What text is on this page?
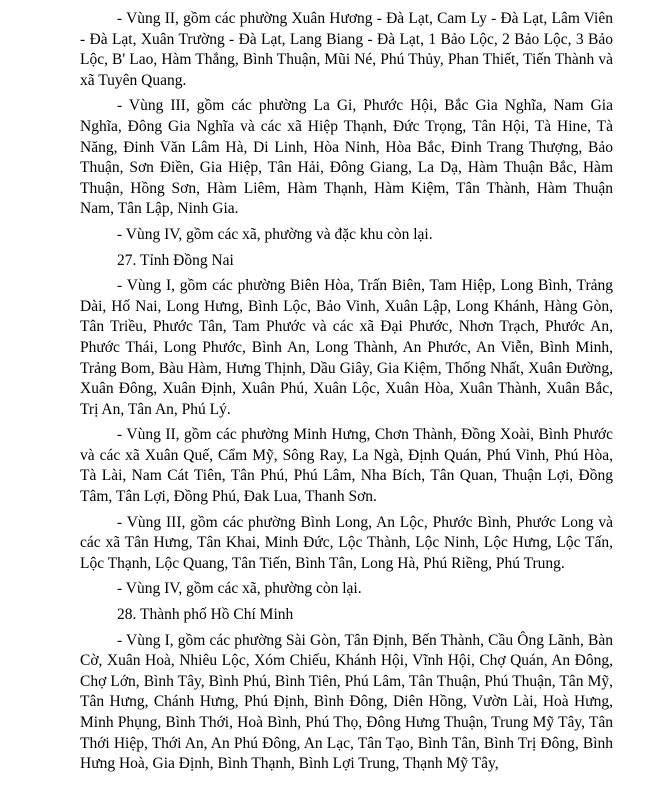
- Vùng II, gồm các phường Xuân Hương - Đà Lạt, Cam Ly - Đà Lạt, Lâm Viên - Đà Lạt, Xuân Trường - Đà Lạt, Lang Biang - Đà Lạt, 1 Bảo Lộc, 2 Bảo Lộc, 3 Bảo Lộc, B' Lao, Hàm Thắng, Bình Thuận, Mũi Né, Phú Thủy, Phan Thiết, Tiến Thành và xã Tuyên Quang.

- Vùng III, gồm các phường La Gi, Phước Hội, Bắc Gia Nghĩa, Nam Gia Nghĩa, Đông Gia Nghĩa và các xã Hiệp Thạnh, Đức Trọng, Tân Hội, Tà Hine, Tà Năng, Đinh Văn Lâm Hà, Di Linh, Hòa Ninh, Hòa Bắc, Đinh Trang Thượng, Bảo Thuận, Sơn Điền, Gia Hiệp, Tân Hải, Đông Giang, La Dạ, Hàm Thuận Bắc, Hàm Thuận, Hồng Sơn, Hàm Liêm, Hàm Thạnh, Hàm Kiệm, Tân Thành, Hàm Thuận Nam, Tân Lập, Ninh Gia.

- Vùng IV, gồm các xã, phường và đặc khu còn lại.

27. Tỉnh Đồng Nai

- Vùng I, gồm các phường Biên Hòa, Trấn Biên, Tam Hiệp, Long Bình, Trảng Dài, Hố Nai, Long Hưng, Bình Lộc, Bảo Vinh, Xuân Lập, Long Khánh, Hàng Gòn, Tân Triều, Phước Tân, Tam Phước và các xã Đại Phước, Nhơn Trạch, Phước An, Phước Thái, Long Phước, Bình An, Long Thành, An Phước, An Viễn, Bình Minh, Trảng Bom, Bàu Hàm, Hưng Thịnh, Dầu Giây, Gia Kiệm, Thống Nhất, Xuân Đường, Xuân Đông, Xuân Định, Xuân Phú, Xuân Lộc, Xuân Hòa, Xuân Thành, Xuân Bắc, Trị An, Tân An, Phú Lý.

- Vùng II, gồm các phường Minh Hưng, Chơn Thành, Đồng Xoài, Bình Phước và các xã Xuân Quế, Cẩm Mỹ, Sông Ray, La Ngà, Định Quán, Phú Vinh, Phú Hòa, Tà Lài, Nam Cát Tiên, Tân Phú, Phú Lâm, Nha Bích, Tân Quan, Thuận Lợi, Đồng Tâm, Tân Lợi, Đồng Phú, Đak Lua, Thanh Sơn.

- Vùng III, gồm các phường Bình Long, An Lộc, Phước Bình, Phước Long và các xã Tân Hưng, Tân Khai, Minh Đức, Lộc Thành, Lộc Ninh, Lộc Hưng, Lộc Tấn, Lộc Thạnh, Lộc Quang, Tân Tiến, Bình Tân, Long Hà, Phú Riềng, Phú Trung.

- Vùng IV, gồm các xã, phường còn lại.

28. Thành phố Hồ Chí Minh

- Vùng I, gồm các phường Sài Gòn, Tân Định, Bến Thành, Cầu Ông Lãnh, Bàn Cờ, Xuân Hoà, Nhiêu Lộc, Xóm Chiếu, Khánh Hội, Vĩnh Hội, Chợ Quán, An Đông, Chợ Lớn, Bình Tây, Bình Phú, Bình Tiên, Phú Lâm, Tân Thuận, Phú Thuận, Tân Mỹ, Tân Hưng, Chánh Hưng, Phú Định, Bình Đông, Diên Hồng, Vườn Lài, Hoà Hưng, Minh Phụng, Bình Thới, Hoà Bình, Phú Thọ, Đông Hưng Thuận, Trung Mỹ Tây, Tân Thới Hiệp, Thới An, An Phú Đông, An Lạc, Tân Tạo, Bình Tân, Bình Trị Đông, Bình Hưng Hoà, Gia Định, Bình Thạnh, Bình Lợi Trung, Thạnh Mỹ Tây,
